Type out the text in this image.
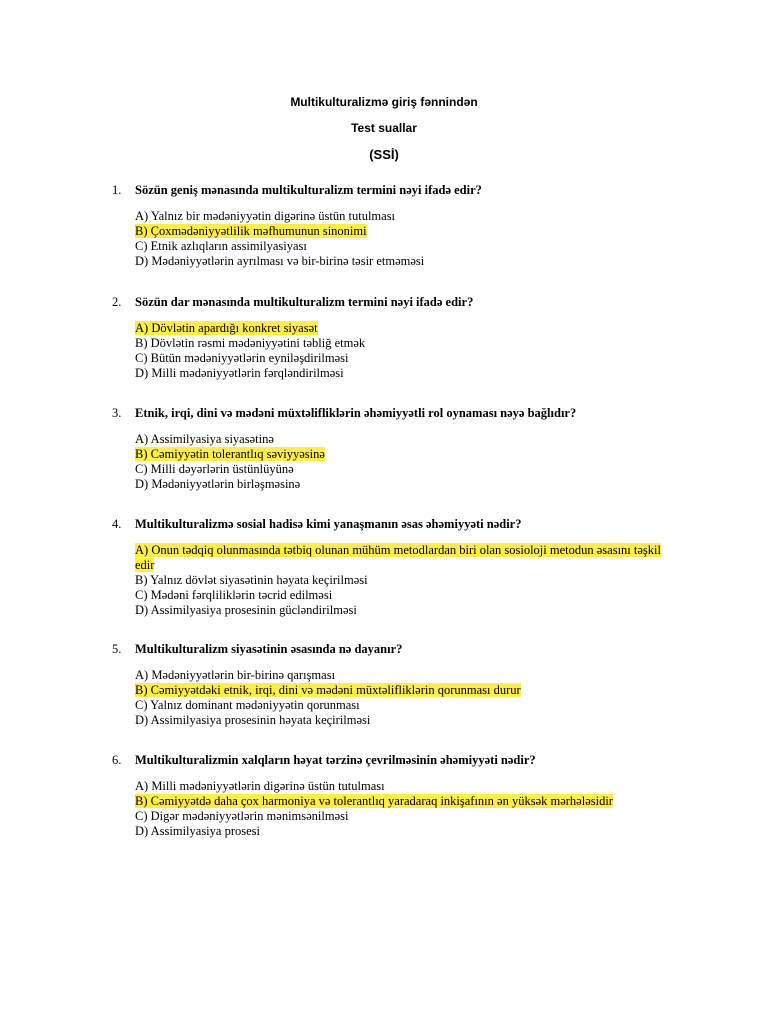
Multikulturalizmə giriş fənnindən
Test suallar
(SSİ)
1.	Sözün geniş mənasında multikulturalizm termini nəyi ifadə edir?
A) Yalnız bir mədəniyyətin digərinə üstün tutulması
B) Çoxmədəniyyətlilik məfhumunun sinonimi
C) Etnik azlıqların assimilyasiyası
D) Mədəniyyətlərin ayrılması və bir-birinə təsir etməməsi
2.	Sözün dar mənasında multikulturalizm termini nəyi ifadə edir?
A) Dövlətin apardığı konkret siyasət
B) Dövlətin rəsmi mədəniyyətini təbliğ etmək
C) Bütün mədəniyyətlərin eyniləşdirilməsi
D) Milli mədəniyyətlərin fərqləndirilməsi
3.	Etnik, irqi, dini və mədəni müxtəlifliklərin əhəmiyyətli rol oynaması nəyə bağlıdır?
A) Assimilyasiya siyasətinə
B) Cəmiyyətin tolerantlıq səviyyəsinə
C) Milli dəyərlərin üstünlüyünə
D) Mədəniyyətlərin birləşməsinə
4.	Multikulturalizmə sosial hadisə kimi yanaşmanın əsas əhəmiyyəti nədir?
A) Onun tədqiq olunmasında tətbiq olunan mühüm metodlardan biri olan sosioloji metodun əsasını təşkil edir
B) Yalnız dövlət siyasətinin həyata keçirilməsi
C) Mədəni fərqliliklərin təcrid edilməsi
D) Assimilyasiya prosesinin gücləndirilməsi
5.	Multikulturalizm siyasətinin əsasında nə dayanır?
A) Mədəniyyətlərin bir-birinə qarışması
B) Cəmiyyətdəki etnik, irqi, dini və mədəni müxtəlifliklərin qorunması durur
C) Yalnız dominant mədəniyyətin qorunması
D) Assimilyasiya prosesinin həyata keçirilməsi
6.	Multikulturalizmin xalqların həyat tərzinə çevrilməsinin əhəmiyyəti nədir?
A) Milli mədəniyyətlərin digərinə üstün tutulması
B) Cəmiyyətdə daha çox harmoniya və tolerantlıq yaradaraq inkişafının ən yüksək mərhələsidir
C) Digər mədəniyyətlərin mənimsənilməsi
D) Assimilyasiya prosesi
